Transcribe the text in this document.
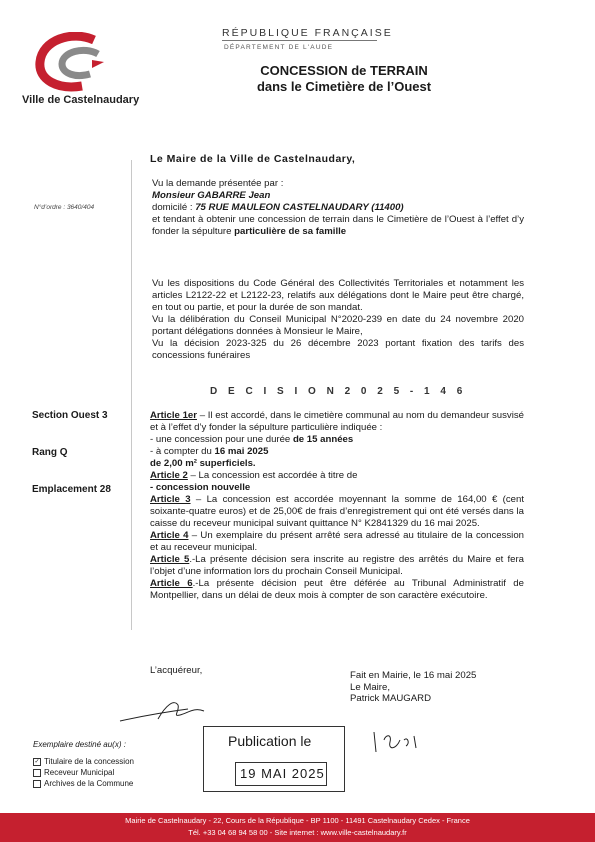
Ville de Castelnaudary
RÉPUBLIQUE FRANÇAISE
DÉPARTEMENT DE L'AUDE
CONCESSION de TERRAIN
dans le Cimetière de l’Ouest
Le Maire de la Ville de Castelnaudary,
N°d’ordre : 3640/404
Vu la demande présentée par :
Monsieur GABARRE Jean
domicilé : 75 RUE MAULEON CASTELNAUDARY (11400)
et tendant à obtenir une concession de terrain dans le Cimetière de l’Ouest à l’effet d’y fonder la sépulture particulière de sa famille
Vu les dispositions du Code Général des Collectivités Territoriales et notamment les articles L2122-22 et L2122-23, relatifs aux délégations dont le Maire peut être chargé, en tout ou partie, et pour la durée de son mandat.
Vu la délibération du Conseil Municipal N°2020-239 en date du 24 novembre 2020 portant délégations données à Monsieur le Maire,
Vu la décision 2023-325 du 26 décembre 2023 portant fixation des tarifs des concessions funéraires
D E C I S I O N 2 0 2 5 - 1 4 6
Section Ouest 3
Rang Q
Emplacement 28
Article 1er – Il est accordé, dans le cimetière communal au nom du demandeur susvisé et à l’effet d’y fonder la sépulture particulière indiquée :
- une concession pour une durée de 15 années
- à compter du 16 mai 2025
de 2,00 m² superficiels.
Article 2 – La concession est accordée à titre de
- concession nouvelle
Article 3 – La concession est accordée moyennant la somme de 164,00 € (cent soixante-quatre euros) et de 25,00€ de frais d’enregistrement qui ont été versés dans la caisse du receveur municipal suivant quittance N° K2841329 du 16 mai 2025.
Article 4 – Un exemplaire du présent arrêté sera adressé au titulaire de la concession et au receveur municipal.
Article 5.-La présente décision sera inscrite au registre des arrêtés du Maire et fera l’objet d’une information lors du prochain Conseil Municipal.
Article 6.-La présente décision peut être déférée au Tribunal Administratif de Montpellier, dans un délai de deux mois à compter de son caractère exécutoire.
L’acquéreur,	Fait en Mairie, le 16 mai 2025
Le Maire,
Patrick MAUGARD
Exemplaire destiné au(x) :
✓ Titulaire de la concession
Receveur Municipal
Archives de la Commune
Publication le
19 MAI 2025
Mairie de Castelnaudary - 22, Cours de la République - BP 1100 - 11491 Castelnaudary Cedex - France
Tél. +33 04 68 94 58 00 - Site internet : www.ville-castelnaudary.fr
